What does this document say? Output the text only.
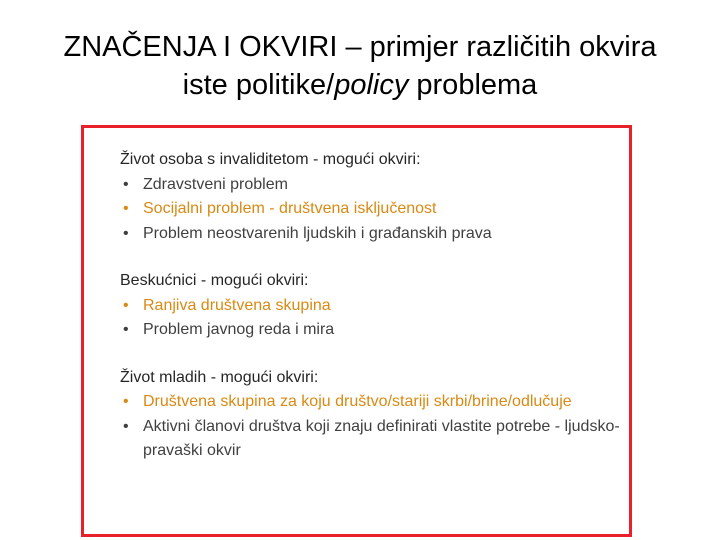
ZNAČENJA I OKVIRI – primjer različitih okvira
iste politike/policy problema
Život osoba s invaliditetom - mogući okviri:
• Zdravstveni problem
• Socijalni problem - društvena isključenost
• Problem neostvarenih ljudskih i građanskih prava
Beskućnici - mogući okviri:
• Ranjiva društvena skupina
• Problem javnog reda i mira
Život mladih - mogući okviri:
• Društvena skupina za koju društvo/stariji skrbi/brine/odlučuje
• Aktivni članovi društva koji znaju definirati vlastite potrebe - ljudsko-pravaški okvir
